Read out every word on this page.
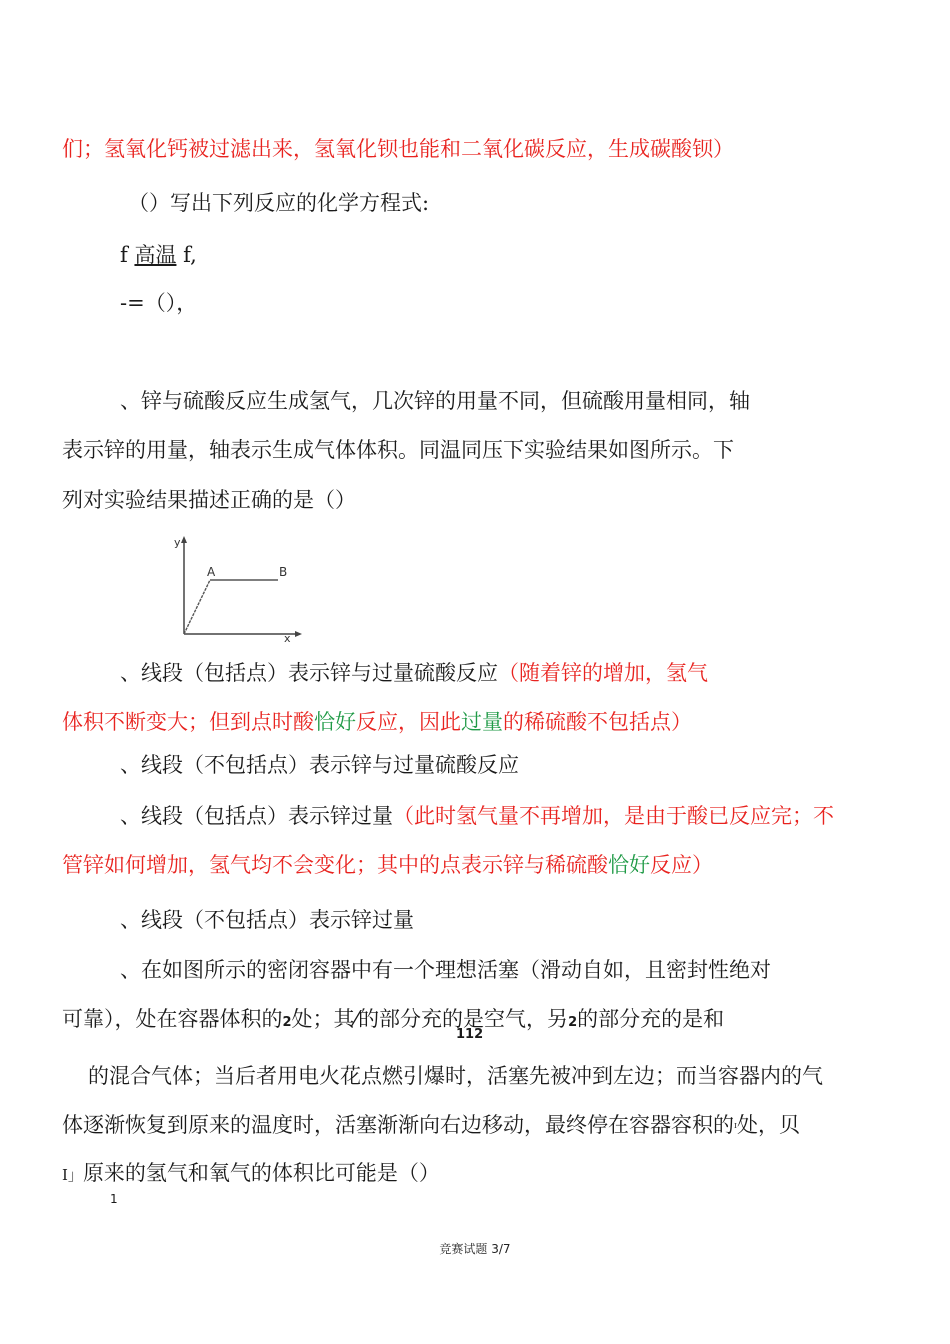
们；氢氧化钙被过滤出来，氢氧化钡也能和二氧化碳反应，生成碳酸钡）
（）写出下列反应的化学方程式:
f 高温 f,
-=（），
、锌与硫酸反应生成氢气，几次锌的用量不同，但硫酸用量相同，轴
表示锌的用量，轴表示生成气体体积。同温同压下实验结果如图所示。下
列对实验结果描述正确的是（）
y
x
A	B
、线段（包括点）表示锌与过量硫酸反应（随着锌的增加，氢气
体积不断变大；但到点时酸恰好反应，因此过量的稀硫酸不包括点）
、线段（不包括点）表示锌与过量硫酸反应
、线段（包括点）表示锌过量（此时氢气量不再增加，是由于酸已反应完；不
管锌如何增加，氢气均不会变化；其中的点表示锌与稀硫酸恰好反应）
、线段（不包括点）表示锌过量
、在如图所示的密闭容器中有一个理想活塞（滑动自如，且密封性绝对
可靠），处在容器体积的2处；其⁄的部分充的是空气，另2的部分充的是和
112
的混合气体；当后者用电火花点燃引爆时，活塞先被冲到左边；而当容器内的气
体逐渐恢复到原来的温度时，活塞渐渐向右边移动，最终停在容器容积的ᴵ处，贝
I」原来的氢气和氧气的体积比可能是（）
1
竞赛试题 3/7
